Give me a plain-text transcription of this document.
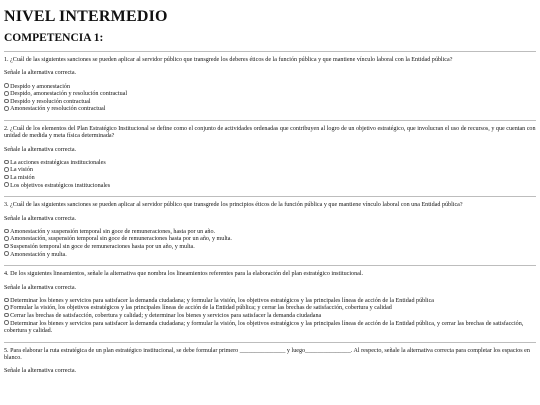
NIVEL INTERMEDIO
COMPETENCIA 1:

1. ¿Cuál de las siguientes sanciones se pueden aplicar al servidor público que transgrede los deberes éticos de la función pública y que mantiene vínculo laboral con la Entidad pública?

Señale la alternativa correcta.

Despido y amonestación
Despido, amonestación y resolución contractual
Despido y resolución contractual
Amonestación y resolución contractual

2. ¿Cuál de los elementos del Plan Estratégico Institucional se define como el conjunto de actividades ordenadas que contribuyen al logro de un objetivo estratégico, que involucran el uso de recursos, y que cuentan con unidad de medida y meta física determinada?

Señale la alternativa correcta.

La acciones estratégicas institucionales
La visión
La misión
Los objetivos estratégicos institucionales

3. ¿Cuál de las siguientes sanciones se pueden aplicar al servidor público que transgrede los principios éticos de la función pública y que mantiene vínculo laboral con una Entidad pública?

Señale la alternativa correcta.

Amonestación y suspensión temporal sin goce de remuneraciones, hasta por un año.
Amonestación, suspensión temporal sin goce de remuneraciones hasta por un año, y multa.
Suspensión temporal sin goce de remuneraciones hasta por un año, y multa.
Amonestación y multa.

4. De los siguientes lineamientos, señale la alternativa que nombra los lineamientos referentes para la elaboración del plan estratégico institucional.

Señale la alternativa correcta.

Determinar los bienes y servicios para satisfacer la demanda ciudadana; y formular la visión, los objetivos estratégicos y las principales líneas de acción de la Entidad pública
Formular la visión, los objetivos estratégicos y las principales líneas de acción de la Entidad pública; y cerrar las brechas de satisfacción, cobertura y calidad
Cerrar las brechas de satisfacción, cobertura y calidad; y determinar los bienes y servicios para satisfacer la demanda ciudadana
Determinar los bienes y servicios para satisfacer la demanda ciudadana; y formular la visión, los objetivos estratégicos y las principales líneas de acción de la Entidad pública, y cerrar las brechas de satisfacción, cobertura y calidad.

5. Para elaborar la ruta estratégica de un plan estratégico institucional, se debe formular primero _______________ y luego_______________. Al respecto, señale la alternativa correcta para completar los espacios en blanco.

Señale la alternativa correcta.
